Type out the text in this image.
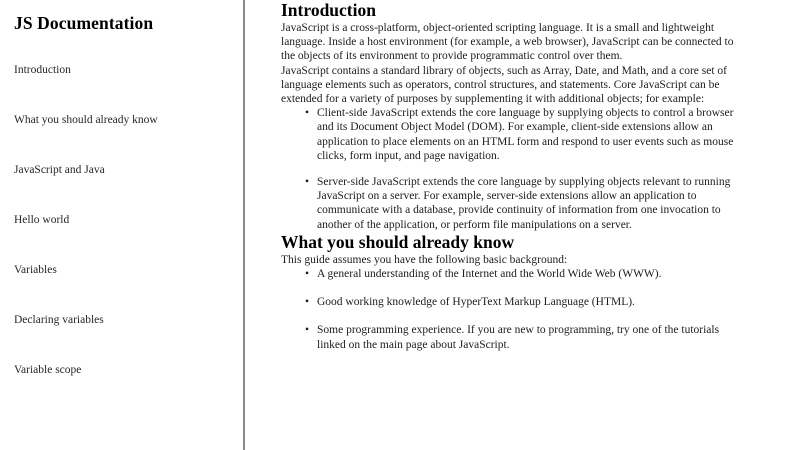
JS Documentation
Introduction
What you should already know
JavaScript and Java
Hello world
Variables
Declaring variables
Variable scope
Introduction

JavaScript is a cross-platform, object-oriented scripting language. It is a small and lightweight language. Inside a host environment (for example, a web browser), JavaScript can be connected to the objects of its environment to provide programmatic control over them.

JavaScript contains a standard library of objects, such as Array, Date, and Math, and a core set of language elements such as operators, control structures, and statements. Core JavaScript can be extended for a variety of purposes by supplementing it with additional objects; for example:

• Client-side JavaScript extends the core language by supplying objects to control a browser and its Document Object Model (DOM). For example, client-side extensions allow an application to place elements on an HTML form and respond to user events such as mouse clicks, form input, and page navigation.
• Server-side JavaScript extends the core language by supplying objects relevant to running JavaScript on a server. For example, server-side extensions allow an application to communicate with a database, provide continuity of information from one invocation to another of the application, or perform file manipulations on a server.
What you should already know

This guide assumes you have the following basic background:

• A general understanding of the Internet and the World Wide Web (WWW).
• Good working knowledge of HyperText Markup Language (HTML).
• Some programming experience. If you are new to programming, try one of the tutorials linked on the main page about JavaScript.
